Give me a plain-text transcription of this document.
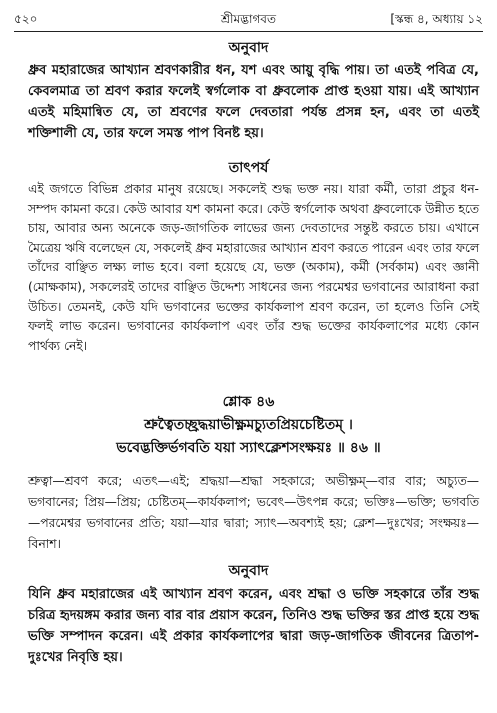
৫২০	শ্রীমদ্ভাগবত	[স্কন্ধ ৪, অধ্যায় ১২
অনুবাদ

ধ্রুব মহারাজের আখ্যান শ্রবণকারীর ধন, যশ এবং আয়ু বৃদ্ধি পায়। তা এতই পবিত্র যে, কেবলমাত্র তা শ্রবণ করার ফলেই স্বর্গলোক বা ধ্রুবলোক প্রাপ্ত হওয়া যায়। এই আখ্যান এতই মহিমান্বিত যে, তা শ্রবণের ফলে দেবতারা পর্যন্ত প্রসন্ন হন, এবং তা এতই শক্তিশালী যে, তার ফলে সমস্ত পাপ বিনষ্ট হয়।

তাৎপর্য

এই জগতে বিভিন্ন প্রকার মানুষ রয়েছে। সকলেই শুদ্ধ ভক্ত নয়। যারা কর্মী, তারা প্রচুর ধন-সম্পদ কামনা করে। কেউ আবার যশ কামনা করে। কেউ স্বর্গলোক অথবা ধ্রুবলোকে উন্নীত হতে চায়, আবার অন্য অনেকে জড়-জাগতিক লাভের জন্য দেবতাদের সন্তুষ্ট করতে চায়। এখানে মৈত্রেয় ঋষি বলেছেন যে, সকলেই ধ্রুব মহারাজের আখ্যান শ্রবণ করতে পারেন এবং তার ফলে তাঁদের বাঞ্ছিত লক্ষ্য লাভ হবে। বলা হয়েছে যে, ভক্ত (অকাম), কর্মী (সর্বকাম) এবং জ্ঞানী (মোক্ষকাম), সকলেরই তাদের বাঞ্ছিত উদ্দেশ্য সাধনের জন্য পরমেশ্বর ভগবানের আরাধনা করা উচিত। তেমনই, কেউ যদি ভগবানের ভক্তের কার্যকলাপ শ্রবণ করেন, তা হলেও তিনি সেই ফলই লাভ করেন। ভগবানের কার্যকলাপ এবং তাঁর শুদ্ধ ভক্তের কার্যকলাপের মধ্যে কোন পার্থক্য নেই।

শ্লোক ৪৬

শ্রুত্বৈতচ্ছ্রদ্ধয়াভীক্ষ্ণমচ্যুতপ্রিয়চেষ্টিতম্ ।

ভবেদ্ভক্তির্ভগবতি যয়া স্যাৎক্লেশসংক্ষয়ঃ ॥ ৪৬ ॥

শ্রুত্বা—শ্রবণ করে; এতৎ—এই; শ্রদ্ধয়া—শ্রদ্ধা সহকারে; অভীক্ষ্ণম্—বার বার; অচ্যুত—ভগবানের; প্রিয়—প্রিয়; চেষ্টিতম্—কার্যকলাপ; ভবেৎ—উৎপন্ন করে; ভক্তিঃ—ভক্তি; ভগবতি—পরমেশ্বর ভগবানের প্রতি; যয়া—যার দ্বারা; স্যাৎ—অবশ্যই হয়; ক্লেশ—দুঃখের; সংক্ষয়ঃ—বিনাশ।

অনুবাদ

যিনি ধ্রুব মহারাজের এই আখ্যান শ্রবণ করেন, এবং শ্রদ্ধা ও ভক্তি সহকারে তাঁর শুদ্ধ চরিত্র হৃদয়ঙ্গম করার জন্য বার বার প্রয়াস করেন, তিনিও শুদ্ধ ভক্তির স্তর প্রাপ্ত হয়ে শুদ্ধ ভক্তি সম্পাদন করেন। এই প্রকার কার্যকলাপের দ্বারা জড়-জাগতিক জীবনের ত্রিতাপ-দুঃখের নিবৃত্তি হয়।
